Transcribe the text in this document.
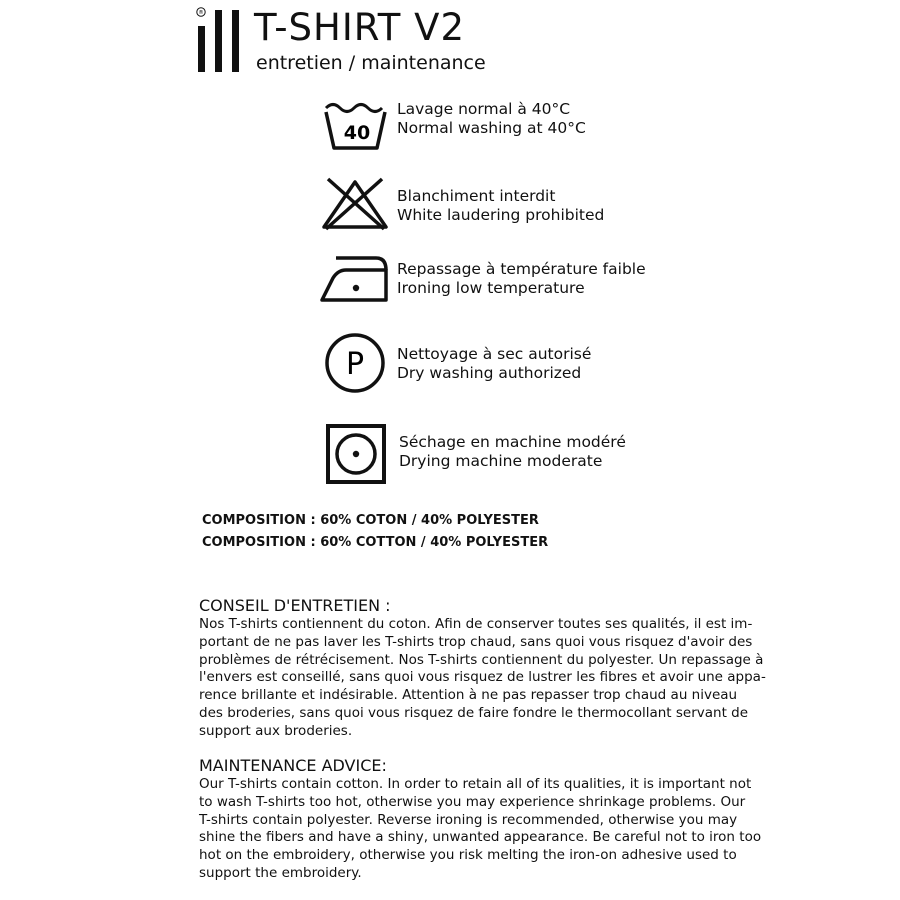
® T-SHIRT V2
entretien / maintenance
40
Lavage normal à 40°C
Normal washing at 40°C
Blanchiment interdit
White laudering prohibited
Repassage à température faible
Ironing low temperature
P Nettoyage à sec autorisé
Dry washing authorized
Séchage en machine modéré
Drying machine moderate
COMPOSITION : 60% COTON / 40% POLYESTER
COMPOSITION : 60% COTTON / 40% POLYESTER
CONSEIL D'ENTRETIEN :

Nos T-shirts contiennent du coton. Afin de conserver toutes ses qualités, il est im-
portant de ne pas laver les T-shirts trop chaud, sans quoi vous risquez d'avoir des
problèmes de rétrécisement. Nos T-shirts contiennent du polyester. Un repassage à
l'envers est conseillé, sans quoi vous risquez de lustrer les fibres et avoir une appa-
rence brillante et indésirable. Attention à ne pas repasser trop chaud au niveau
des broderies, sans quoi vous risquez de faire fondre le thermocollant servant de
support aux broderies.

MAINTENANCE ADVICE:

Our T-shirts contain cotton. In order to retain all of its qualities, it is important not
to wash T-shirts too hot, otherwise you may experience shrinkage problems. Our
T-shirts contain polyester. Reverse ironing is recommended, otherwise you may
shine the fibers and have a shiny, unwanted appearance. Be careful not to iron too
hot on the embroidery, otherwise you risk melting the iron-on adhesive used to
support the embroidery.
